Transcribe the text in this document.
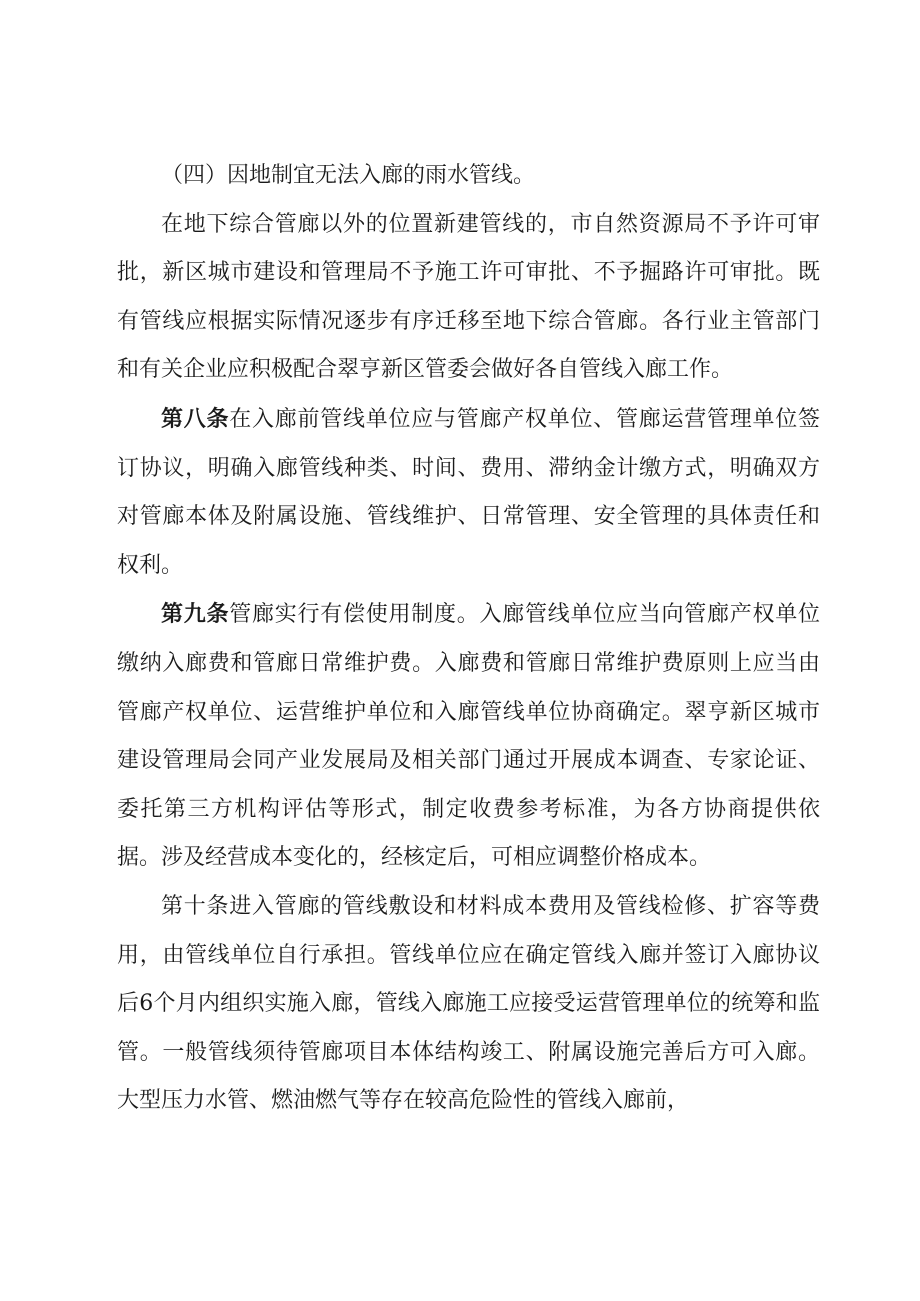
（四）因地制宜无法入廊的雨水管线。

在地下综合管廊以外的位置新建管线的，市自然资源局不予许可审批，新区城市建设和管理局不予施工许可审批、不予掘路许可审批。既有管线应根据实际情况逐步有序迁移至地下综合管廊。各行业主管部门和有关企业应积极配合翠亨新区管委会做好各自管线入廊工作。

第八条在入廊前管线单位应与管廊产权单位、管廊运营管理单位签订协议，明确入廊管线种类、时间、费用、滞纳金计缴方式，明确双方对管廊本体及附属设施、管线维护、日常管理、安全管理的具体责任和权利。

第九条管廊实行有偿使用制度。入廊管线单位应当向管廊产权单位缴纳入廊费和管廊日常维护费。入廊费和管廊日常维护费原则上应当由管廊产权单位、运营维护单位和入廊管线单位协商确定。翠亨新区城市建设管理局会同产业发展局及相关部门通过开展成本调查、专家论证、委托第三方机构评估等形式，制定收费参考标准，为各方协商提供依据。涉及经营成本变化的，经核定后，可相应调整价格成本。

第十条进入管廊的管线敷设和材料成本费用及管线检修、扩容等费用，由管线单位自行承担。管线单位应在确定管线入廊并签订入廊协议后6个月内组织实施入廊，管线入廊施工应接受运营管理单位的统筹和监管。一般管线须待管廊项目本体结构竣工、附属设施完善后方可入廊。大型压力水管、燃油燃气等存在较高危险性的管线入廊前，
